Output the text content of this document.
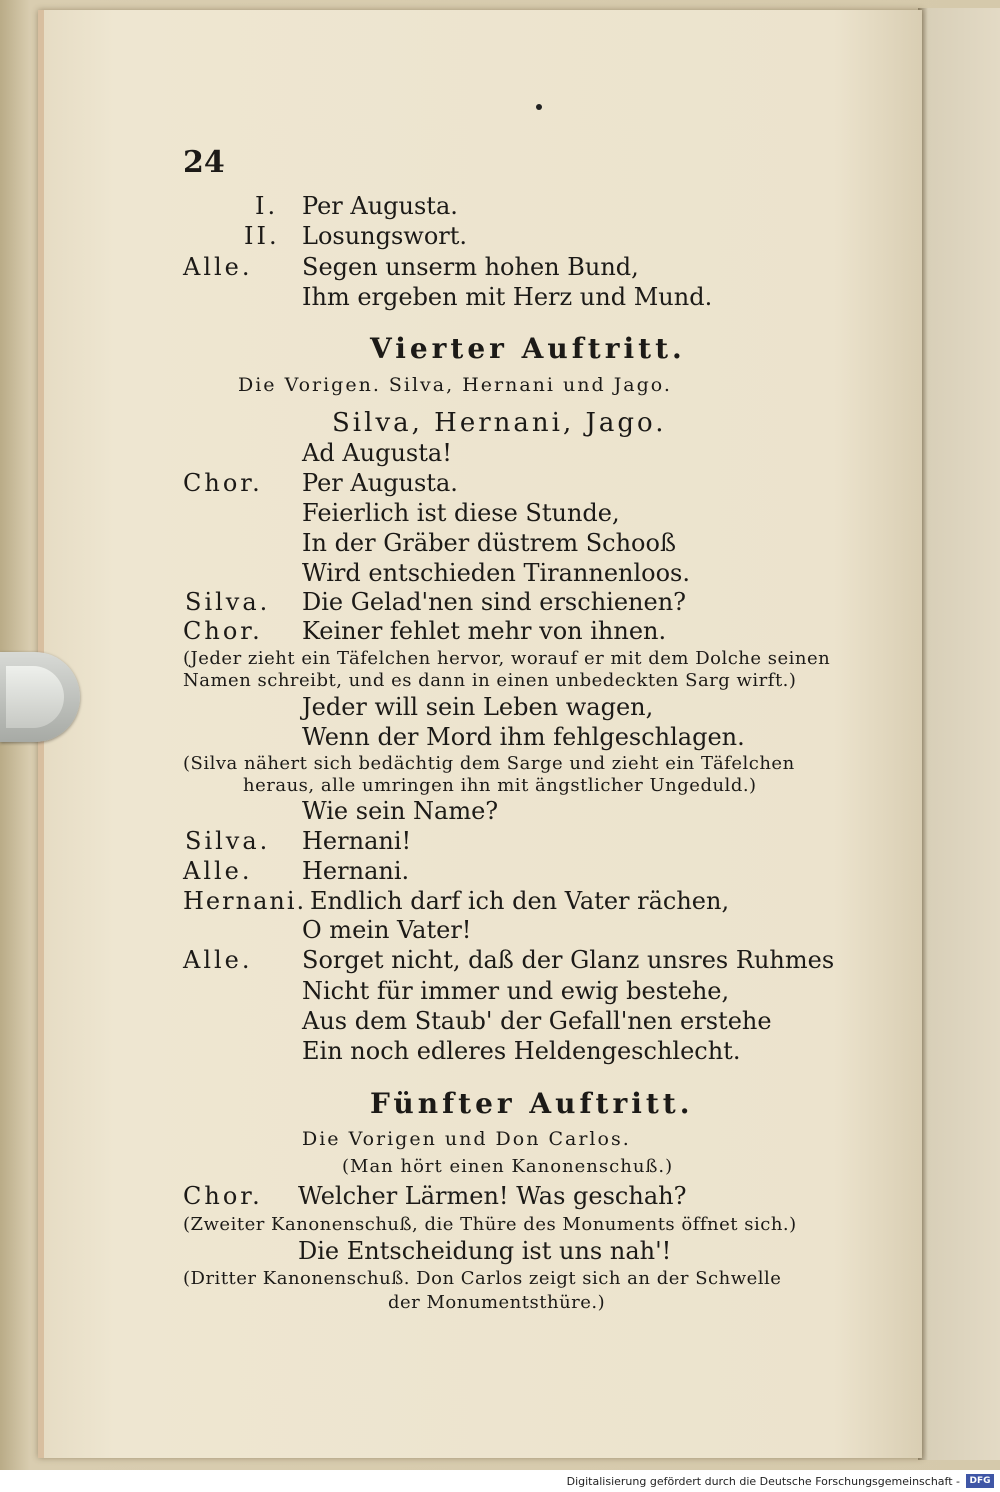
24
I. Per Augusta.
II. Losungswort.
Alle. Segen unserm hohen Bund,
Ihm ergeben mit Herz und Mund.
Vierter Auftritt.
Die Vorigen. Silva, Hernani und Jago.
Silva, Hernani, Jago.
Ad Augusta!
Chor. Per Augusta.
Feierlich ist diese Stunde,
In der Gräber düstrem Schooß
Wird entschieden Tirannenloos.
Silva. Die Gelad'nen sind erschienen?
Chor. Keiner fehlet mehr von ihnen.
(Jeder zieht ein Täfelchen hervor, worauf er mit dem Dolche seinen
Namen schreibt, und es dann in einen unbedeckten Sarg wirft.)
Jeder will sein Leben wagen,
Wenn der Mord ihm fehlgeschlagen.
(Silva nähert sich bedächtig dem Sarge und zieht ein Täfelchen
heraus, alle umringen ihn mit ängstlicher Ungeduld.)
Wie sein Name?
Silva. Hernani!
Alle. Hernani.
Hernani. Endlich darf ich den Vater rächen,
O mein Vater!
Alle. Sorget nicht, daß der Glanz unsres Ruhmes
Nicht für immer und ewig bestehe,
Aus dem Staub' der Gefall'nen erstehe
Ein noch edleres Heldengeschlecht.
Fünfter Auftritt.
Die Vorigen und Don Carlos.
(Man hört einen Kanonenschuß.)
Chor. Welcher Lärmen! Was geschah?
(Zweiter Kanonenschuß, die Thüre des Monuments öffnet sich.)
Die Entscheidung ist uns nah'!
(Dritter Kanonenschuß. Don Carlos zeigt sich an der Schwelle
der Monumentsthüre.)
Digitalisierung gefördert durch die Deutsche Forschungsgemeinschaft -	DFG
